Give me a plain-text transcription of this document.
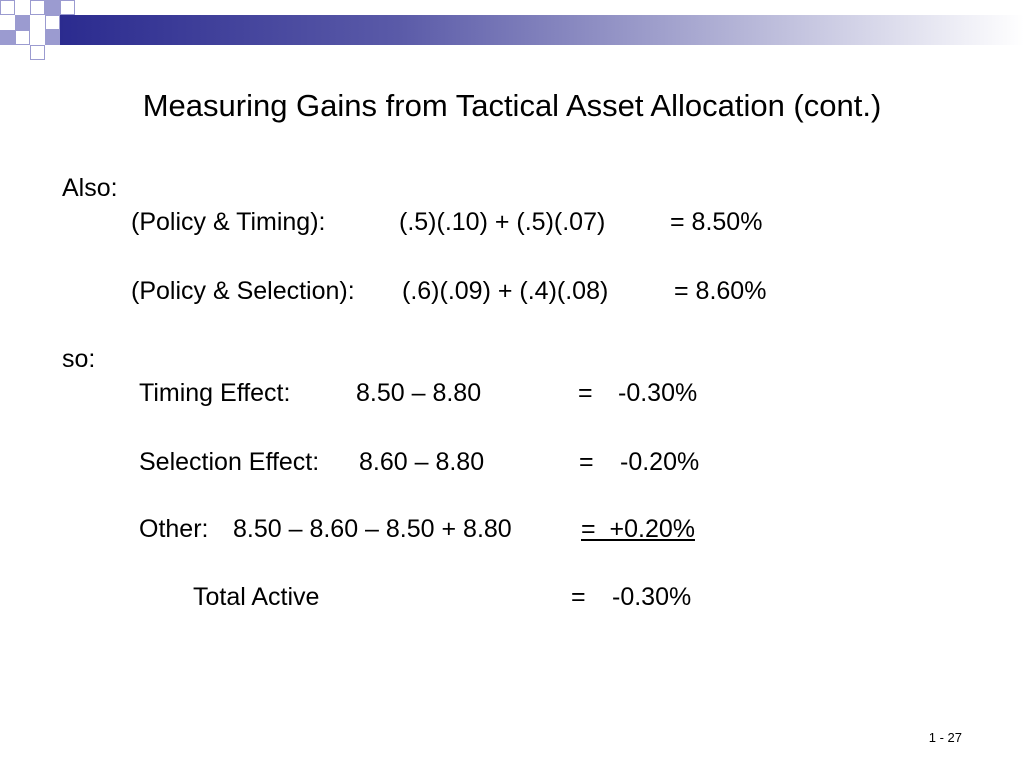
Measuring Gains from Tactical Asset Allocation (cont.)
Also:
(Policy & Timing):	(.5)(.10) + (.5)(.07)	= 8.50%
(Policy & Selection): (.6)(.09) + (.4)(.08)	= 8.60%
so:
Timing Effect:	8.50 – 8.80	= -0.30%
Selection Effect: 8.60 – 8.80	= -0.20%
Other: 8.50 – 8.60 – 8.50 + 8.80	=  +0.20%
Total Active	= -0.30%
1 - 27
